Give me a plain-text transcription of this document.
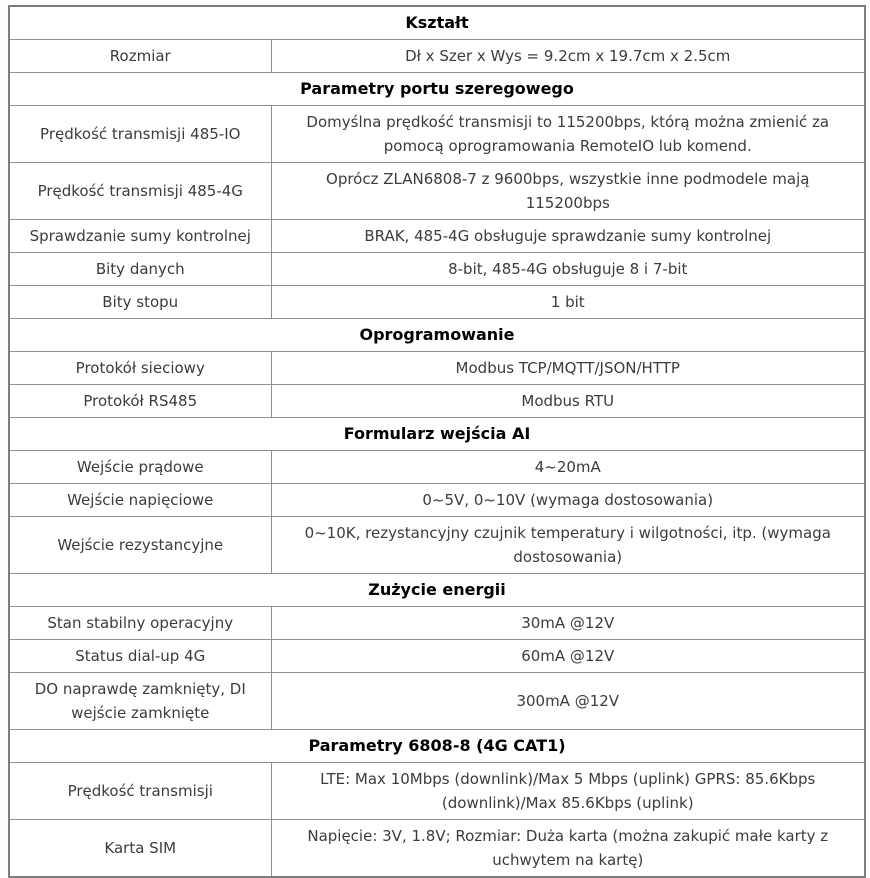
Kształt	
Rozmiar	Dł x Szer x Wys = 9.2cm x 19.7cm x 2.5cm
Parametry portu szeregowego	
Prędkość transmisji 485-IO	Domyślna prędkość transmisji to 115200bps, którą można zmienić za pomocą oprogramowania RemoteIO lub komend.
Prędkość transmisji 485-4G	Oprócz ZLAN6808-7 z 9600bps, wszystkie inne podmodele mają 115200bps
Sprawdzanie sumy kontrolnej	BRAK, 485-4G obsługuje sprawdzanie sumy kontrolnej
Bity danych	8-bit, 485-4G obsługuje 8 i 7-bit
Bity stopu	1 bit
Oprogramowanie	
Protokół sieciowy	Modbus TCP/MQTT/JSON/HTTP
Protokół RS485	Modbus RTU
Formularz wejścia AI	
Wejście prądowe	4~20mA
Wejście napięciowe	0~5V, 0~10V (wymaga dostosowania)
Wejście rezystancyjne	0~10K, rezystancyjny czujnik temperatury i wilgotności, itp. (wymaga dostosowania)
Zużycie energii	
Stan stabilny operacyjny	30mA @12V
Status dial-up 4G	60mA @12V
DO naprawdę zamknięty, DI wejście zamknięte	300mA @12V
Parametry 6808-8 (4G CAT1)	
Prędkość transmisji	LTE: Max 10Mbps (downlink)/Max 5 Mbps (uplink) GPRS: 85.6Kbps (downlink)/Max 85.6Kbps (uplink)
Karta SIM	Napięcie: 3V, 1.8V; Rozmiar: Duża karta (można zakupić małe karty z uchwytem na kartę)
